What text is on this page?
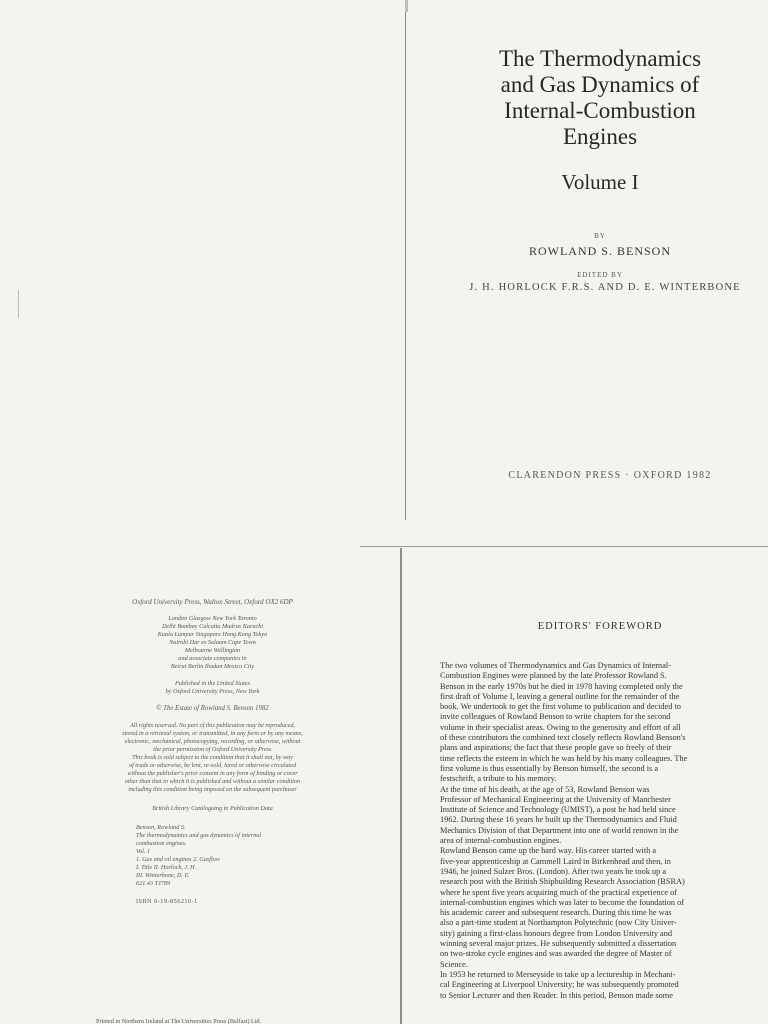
The Thermodynamics
and Gas Dynamics of
Internal-Combustion
Engines
Volume I
BY
ROWLAND S. BENSON
EDITED BY
J. H. HORLOCK F.R.S. AND D. E. WINTERBONE
CLARENDON PRESS · OXFORD 1982
Oxford University Press, Walton Street, Oxford OX2 6DP
London Glasgow New York Toronto
Delhi Bombay Calcutta Madras Karachi
Kuala Lumpur Singapore Hong Kong Tokyo
Nairobi Dar es Salaam Cape Town
Melbourne Wellington
and associate companies in
Beirut Berlin Ibadan Mexico City
Published in the United States
by Oxford University Press, New York
© The Estate of Rowland S. Benson 1982
All rights reserved. No part of this publication may be reproduced,
stored in a retrieval system, or transmitted, in any form or by any means,
electronic, mechanical, photocopying, recording, or otherwise, without
the prior permission of Oxford University Press
This book is sold subject to the condition that it shall not, by way
of trade or otherwise, be lent, re-sold, hired or otherwise circulated
without the publisher's prior consent in any form of binding or cover
other than that in which it is published and without a similar condition
including this condition being imposed on the subsequent purchaser
British Library Cataloguing in Publication Data
Benson, Rowland S.
The thermodynamics and gas dynamics of internal
combustion engines.
Vol. 1
1. Gas and oil engines 2. Gasflow
I. Title II. Horlock, J. H.
III. Winterbone, D. E.
621.43 TJ789
ISBN 0-19-856210-1
Printed in Northern Ireland at The Universities Press (Belfast) Ltd.
EDITORS' FOREWORD
The two volumes of Thermodynamics and Gas Dynamics of Internal-
Combustion Engines were planned by the late Professor Rowland S.
Benson in the early 1970s but he died in 1978 having completed only the
first draft of Volume I, leaving a general outline for the remainder of the
book. We undertook to get the first volume to publication and decided to
invite colleagues of Rowland Benson to write chapters for the second
volume in their specialist areas. Owing to the generosity and effort of all
of these contributors the combined text closely reflects Rowland Benson's
plans and aspirations; the fact that these people gave so freely of their
time reflects the esteem in which he was held by his many colleagues. The
first volume is thus essentially by Benson himself, the second is a
festschrift, a tribute to his memory.
At the time of his death, at the age of 53, Rowland Benson was
Professor of Mechanical Engineering at the University of Manchester
Institute of Science and Technology (UMIST), a post he had held since
1962. During these 16 years he built up the Thermodynamics and Fluid
Mechanics Division of that Department into one of world renown in the
area of internal-combustion engines.
Rowland Benson came up the hard way. His career started with a
five-year apprenticeship at Cammell Laird in Birkenhead and then, in
1946, he joined Sulzer Bros. (London). After two years he took up a
research post with the British Shipbuilding Research Association (BSRA)
where he spent five years acquiring much of the practical experience of
internal-combustion engines which was later to become the foundation of
his academic career and subsequent research. During this time he was
also a part-time student at Northampton Polytechnic (now City Univer-
sity) gaining a first-class honours degree from London University and
winning several major prizes. He subsequently submitted a dissertation
on two-stroke cycle engines and was awarded the degree of Master of
Science.
In 1953 he returned to Merseyside to take up a lectureship in Mechani-
cal Engineering at Liverpool University; he was subsequently promoted
to Senior Lecturer and then Reader. In this period, Benson made some
